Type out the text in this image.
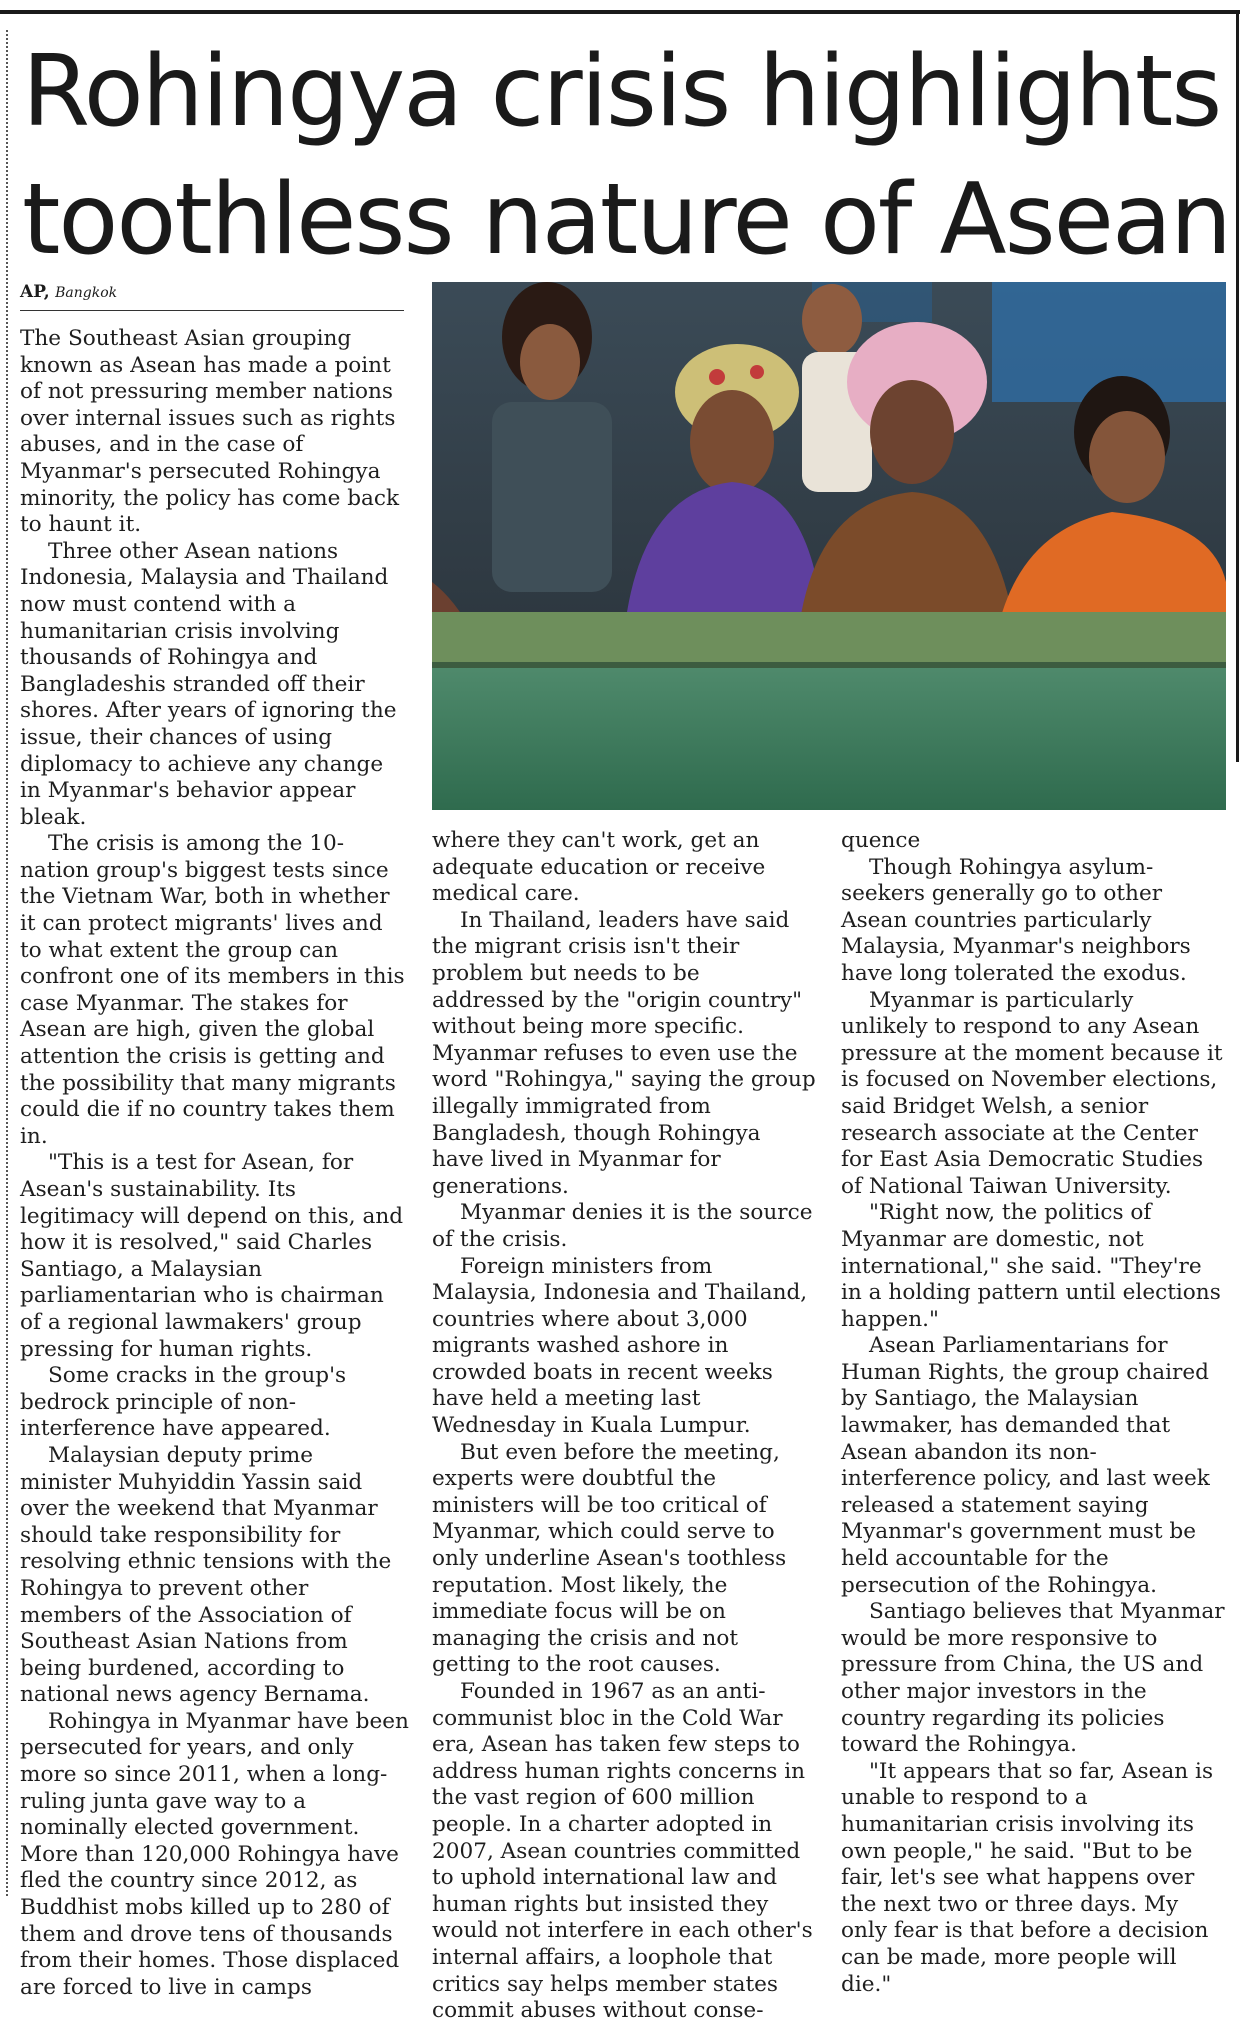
Rohingya crisis highlights toothless nature of Asean
AP, Bangkok

The Southeast Asian grouping known as Asean has made a point of not pressuring member nations over internal issues such as rights abuses, and in the case of Myanmar's persecuted Rohingya minority, the policy has come back to haunt it.

Three other Asean nations Indonesia, Malaysia and Thailand now must contend with a humanitarian crisis involving thousands of Rohingya and Bangladeshis stranded off their shores. After years of ignoring the issue, their chances of using diplomacy to achieve any change in Myanmar's behavior appear bleak.

The crisis is among the 10-nation group's biggest tests since the Vietnam War, both in whether it can protect migrants' lives and to what extent the group can confront one of its members in this case Myanmar. The stakes for Asean are high, given the global attention the crisis is getting and the possibility that many migrants could die if no country takes them in.

"This is a test for Asean, for Asean's sustainability. Its legitimacy will depend on this, and how it is resolved," said Charles Santiago, a Malaysian parliamentarian who is chairman of a regional lawmakers' group pressing for human rights.

Some cracks in the group's bedrock principle of non-interference have appeared.

Malaysian deputy prime minister Muhyiddin Yassin said over the weekend that Myanmar should take responsibility for resolving ethnic tensions with the Rohingya to prevent other members of the Association of Southeast Asian Nations from being burdened, according to national news agency Bernama.

Rohingya in Myanmar have been persecuted for years, and only more so since 2011, when a long-ruling junta gave way to a nominally elected government. More than 120,000 Rohingya have fled the country since 2012, as Buddhist mobs killed up to 280 of them and drove tens of thousands from their homes. Those displaced are forced to live in camps

where they can't work, get an adequate education or receive medical care.

In Thailand, leaders have said the migrant crisis isn't their problem but needs to be addressed by the "origin country" without being more specific. Myanmar refuses to even use the word "Rohingya," saying the group illegally immigrated from Bangladesh, though Rohingya have lived in Myanmar for generations.

Myanmar denies it is the source of the crisis.

Foreign ministers from Malaysia, Indonesia and Thailand, countries where about 3,000 migrants washed ashore in crowded boats in recent weeks have held a meeting last Wednesday in Kuala Lumpur.

But even before the meeting, experts were doubtful the ministers will be too critical of Myanmar, which could serve to only underline Asean's toothless reputation. Most likely, the immediate focus will be on managing the crisis and not getting to the root causes.

Founded in 1967 as an anti-communist bloc in the Cold War era, Asean has taken few steps to address human rights concerns in the vast region of 600 million people. In a charter adopted in 2007, Asean countries committed to uphold international law and human rights but insisted they would not interfere in each other's internal affairs, a loophole that critics say helps member states commit abuses without conse-

quence

Though Rohingya asylum-seekers generally go to other Asean countries particularly Malaysia, Myanmar's neighbors have long tolerated the exodus.

Myanmar is particularly unlikely to respond to any Asean pressure at the moment because it is focused on November elections, said Bridget Welsh, a senior research associate at the Center for East Asia Democratic Studies of National Taiwan University.

"Right now, the politics of Myanmar are domestic, not international," she said. "They're in a holding pattern until elections happen."

Asean Parliamentarians for Human Rights, the group chaired by Santiago, the Malaysian lawmaker, has demanded that Asean abandon its non-interference policy, and last week released a statement saying Myanmar's government must be held accountable for the persecution of the Rohingya.

Santiago believes that Myanmar would be more responsive to pressure from China, the US and other major investors in the country regarding its policies toward the Rohingya.

"It appears that so far, Asean is unable to respond to a humanitarian crisis involving its own people," he said. "But to be fair, let's see what happens over the next two or three days. My only fear is that before a decision can be made, more people will die."
